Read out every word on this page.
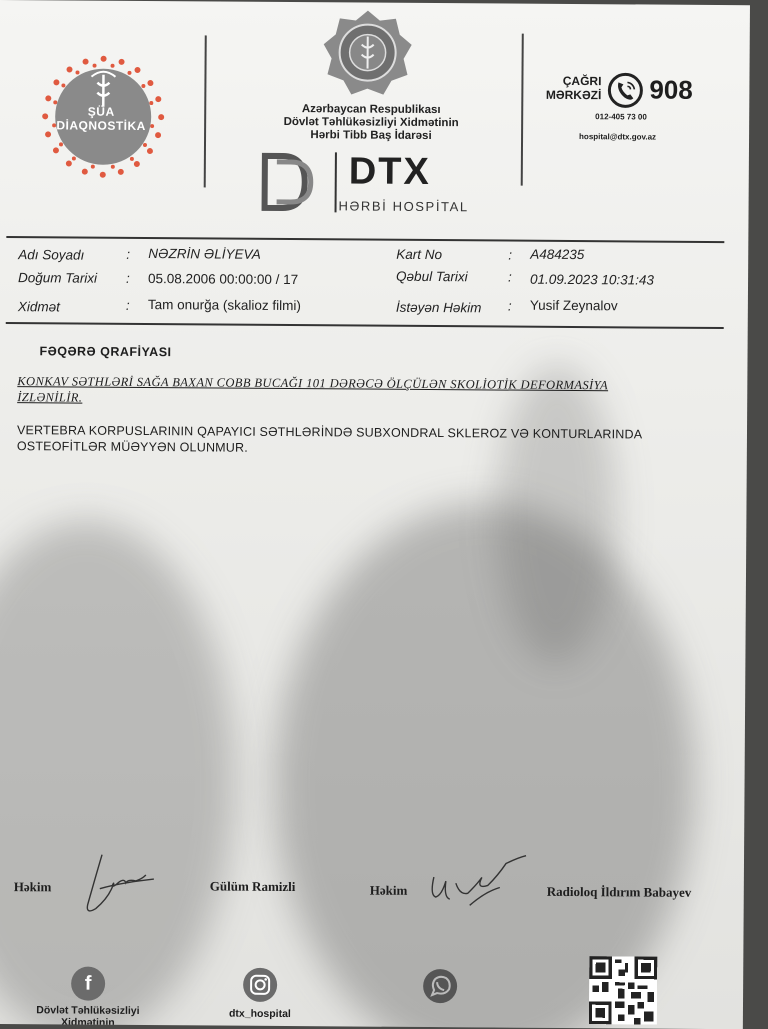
ŞÜA
DİAQNOSTİKA
Azərbaycan Respublikası
Dövlət Təhlükəsizliyi Xidmətinin
Hərbi Tibb Baş İdarəsi
DTX
HƏRBİ HOSPİTAL
ÇAĞRI
MƏRKƏZİ 908
012-405 73 00
hospital@dtx.gov.az
Adı Soyadı	: NƏZRİN ƏLİYEVA
Doğum Tarixi : 05.08.2006 00:00:00 / 17
Xidmət	: Tam onurğa (skalioz filmi)
Kart No	: A484235
Qəbul Tarixi	: 01.09.2023 10:31:43
İstəyən Həkim : Yusif Zeynalov
FƏQƏRƏ QRAFİYASI
KONKAV SƏTHLƏRİ SAĞA BAXAN COBB BUCAĞI 101 DƏRƏCƏ ÖLÇÜLƏN SKOLİOTİK DEFORMASİYA İZLƏNİLİR.
VERTEBRA KORPUSLARININ QAPAYICI SƏTHLƏRİNDƏ SUBXONDRAL SKLEROZ VƏ KONTURLARINDA OSTEOFİTLƏR MÜƏYYƏN OLUNMUR.
Həkim	Gülüm Ramizli	Həkim	Radioloq İldırım Babayev
f
Dövlət Təhlükəsizliyi
Xidmətinin
dtx_hospital
